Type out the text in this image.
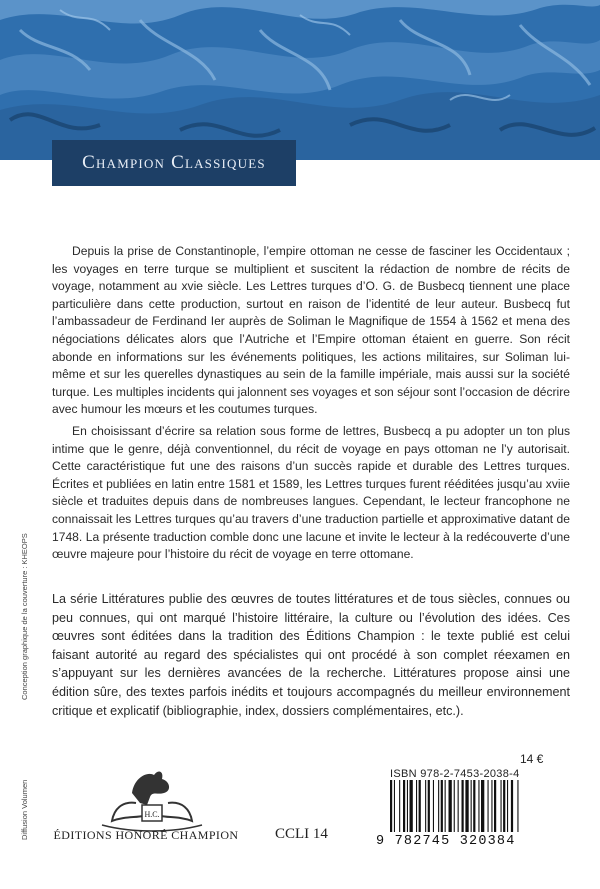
Champion Classiques

Depuis la prise de Constantinople, l’empire ottoman ne cesse de fasciner les Occidentaux ; les voyages en terre turque se multiplient et suscitent la rédaction de nombre de récits de voyage, notamment au xvie siècle. Les Lettres turques d’O. G. de Busbecq tiennent une place particulière dans cette production, surtout en raison de l’identité de leur auteur. Busbecq fut l’ambassadeur de Ferdinand Ier auprès de Soliman le Magnifique de 1554 à 1562 et mena des négociations délicates alors que l’Autriche et l’Empire ottoman étaient en guerre. Son récit abonde en informations sur les événements politiques, les actions militaires, sur Soliman lui-même et sur les querelles dynastiques au sein de la famille impériale, mais aussi sur la société turque. Les multiples incidents qui jalonnent ses voyages et son séjour sont l’occasion de décrire avec humour les mœurs et les coutumes turques.

En choisissant d’écrire sa relation sous forme de lettres, Busbecq a pu adopter un ton plus intime que le genre, déjà conventionnel, du récit de voyage en pays ottoman ne l’y autorisait. Cette caractéristique fut une des raisons d’un succès rapide et durable des Lettres turques. Écrites et publiées en latin entre 1581 et 1589, les Lettres turques furent rééditées jusqu’au xviie siècle et traduites depuis dans de nombreuses langues. Cependant, le lecteur francophone ne connaissait les Lettres turques qu’au travers d’une traduction partielle et approximative datant de 1748. La présente traduction comble donc une lacune et invite le lecteur à la redécouverte d’une œuvre majeure pour l’histoire du récit de voyage en terre ottomane.

La série Littératures publie des œuvres de toutes littératures et de tous siècles, connues ou peu connues, qui ont marqué l’histoire littéraire, la culture ou l’évolution des idées. Ces œuvres sont éditées dans la tradition des Éditions Champion : le texte publié est celui faisant autorité au regard des spécialistes qui ont procédé à son complet réexamen en s’appuyant sur les dernières avancées de la recherche. Littératures propose ainsi une édition sûre, des textes parfois inédits et toujours accompagnés du meilleur environnement critique et explicatif (bibliographie, index, dossiers complémentaires, etc.).

Conception graphique de la couverture : KHEOPS
Diffusion Volumen	H.C.
ÉDITIONS HONORÉ CHAMPION CCLI 14
14 €
ISBN 978-2-7453-2038-4
9 782745 320384
